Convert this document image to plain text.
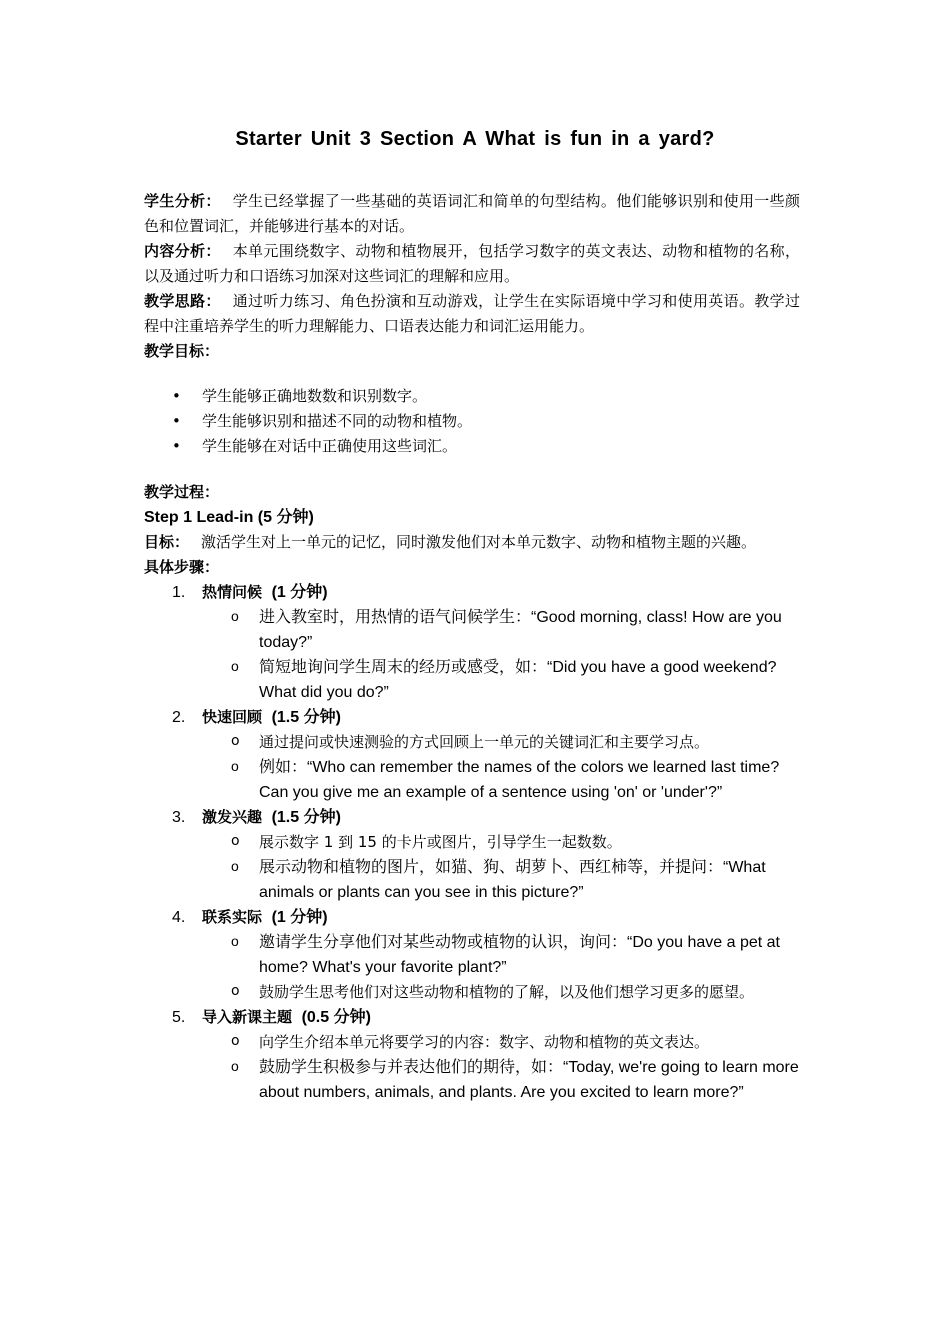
Starter Unit 3 Section A What is fun in a yard?

学生分析： 学生已经掌握了一些基础的英语词汇和简单的句型结构。他们能够识别和使用一些颜色和位置词汇，并能够进行基本的对话。

内容分析： 本单元围绕数字、动物和植物展开，包括学习数字的英文表达、动物和植物的名称，以及通过听力和口语练习加深对这些词汇的理解和应用。

教学思路： 通过听力练习、角色扮演和互动游戏，让学生在实际语境中学习和使用英语。教学过程中注重培养学生的听力理解能力、口语表达能力和词汇运用能力。

教学目标：

• 学生能够正确地数数和识别数字。
• 学生能够识别和描述不同的动物和植物。
• 学生能够在对话中正确使用这些词汇。

教学过程：

Step 1 Lead-in (5 分钟)

目标： 激活学生对上一单元的记忆，同时激发他们对本单元数字、动物和植物主题的兴趣。

具体步骤：

1. 热情问候 (1 分钟)
o 进入教室时，用热情的语气问候学生：“Good morning, class! How are you today?”
o 简短地询问学生周末的经历或感受，如：“Did you have a good weekend? What did you do?”
2. 快速回顾 (1.5 分钟)
o 通过提问或快速测验的方式回顾上一单元的关键词汇和主要学习点。
o 例如：“Who can remember the names of the colors we learned last time? Can you give me an example of a sentence using 'on' or 'under'?”
3. 激发兴趣 (1.5 分钟)
o 展示数字 1 到 15 的卡片或图片，引导学生一起数数。
o 展示动物和植物的图片，如猫、狗、胡萝卜、西红柿等，并提问：“What animals or plants can you see in this picture?”
4. 联系实际 (1 分钟)
o 邀请学生分享他们对某些动物或植物的认识，询问：“Do you have a pet at home? What's your favorite plant?”
o 鼓励学生思考他们对这些动物和植物的了解，以及他们想学习更多的愿望。
5. 导入新课主题 (0.5 分钟)
o 向学生介绍本单元将要学习的内容：数字、动物和植物的英文表达。
o 鼓励学生积极参与并表达他们的期待，如：“Today, we're going to learn more about numbers, animals, and plants. Are you excited to learn more?”
